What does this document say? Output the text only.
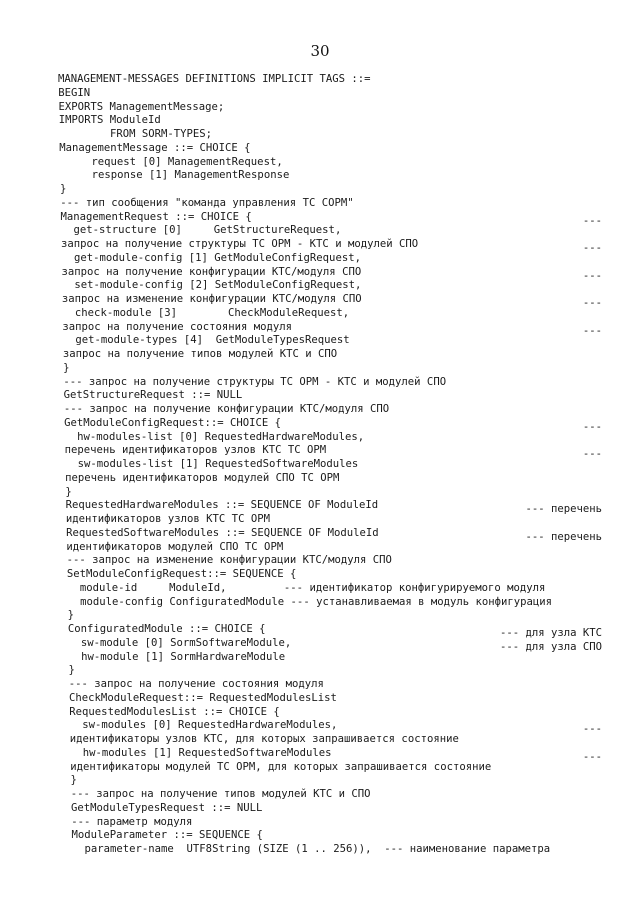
30
MANAGEMENT-MESSAGES DEFINITIONS IMPLICIT TAGS ::=
BEGIN
EXPORTS ManagementMessage;
IMPORTS ModuleId
FROM SORM-TYPES;
ManagementMessage ::= CHOICE {
request [0] ManagementRequest,
response [1] ManagementResponse
}
--- тип сообщения "команда управления ТС СОРМ"
ManagementRequest ::= CHOICE {	---
get-structure [0]     GetStructureRequest,
запрос на получение структуры ТС ОРМ - КТС и модулей СПО	---
get-module-config [1] GetModuleConfigRequest,
запрос на получение конфигурации КТС/модуля СПО	---
set-module-config [2] SetModuleConfigRequest,
запрос на изменение конфигурации КТС/модуля СПО	---
check-module [3]        CheckModuleRequest,
запрос на получение состояния модуля	---
get-module-types [4]  GetModuleTypesRequest
запрос на получение типов модулей КТС и СПО
}
--- запрос на получение структуры ТС ОРМ - КТС и модулей СПО
GetStructureRequest ::= NULL
--- запрос на получение конфигурации КТС/модуля СПО
GetModuleConfigRequest::= CHOICE {	---
hw-modules-list [0] RequestedHardwareModules,
перечень идентификаторов узлов КТС ТС ОРМ	---
sw-modules-list [1] RequestedSoftwareModules
перечень идентификаторов модулей СПО ТС ОРМ
}
RequestedHardwareModules ::= SEQUENCE OF ModuleId	--- перечень
идентификаторов узлов КТС ТС ОРМ
RequestedSoftwareModules ::= SEQUENCE OF ModuleId	--- перечень
идентификаторов модулей СПО ТС ОРМ
--- запрос на изменение конфигурации КТС/модуля СПО
SetModuleConfigRequest::= SEQUENCE {
module-id     ModuleId,         --- идентификатор конфигурируемого модуля
module-config ConfiguratedModule --- устанавливаемая в модуль конфигурация
}
ConfiguratedModule ::= CHOICE {	--- для узла КТС
sw-module [0] SormSoftwareModule,	--- для узла СПО
hw-module [1] SormHardwareModule
}
--- запрос на получение состояния модуля
CheckModuleRequest::= RequestedModulesList
RequestedModulesList ::= CHOICE {
sw-modules [0] RequestedHardwareModules,	---
идентификаторы узлов КТС, для которых запрашивается состояние
hw-modules [1] RequestedSoftwareModules	---
идентификаторы модулей ТС ОРМ, для которых запрашивается состояние
}
--- запрос на получение типов модулей КТС и СПО
GetModuleTypesRequest ::= NULL
--- параметр модуля
ModuleParameter ::= SEQUENCE {
parameter-name  UTF8String (SIZE (1 .. 256)),  --- наименование параметра
